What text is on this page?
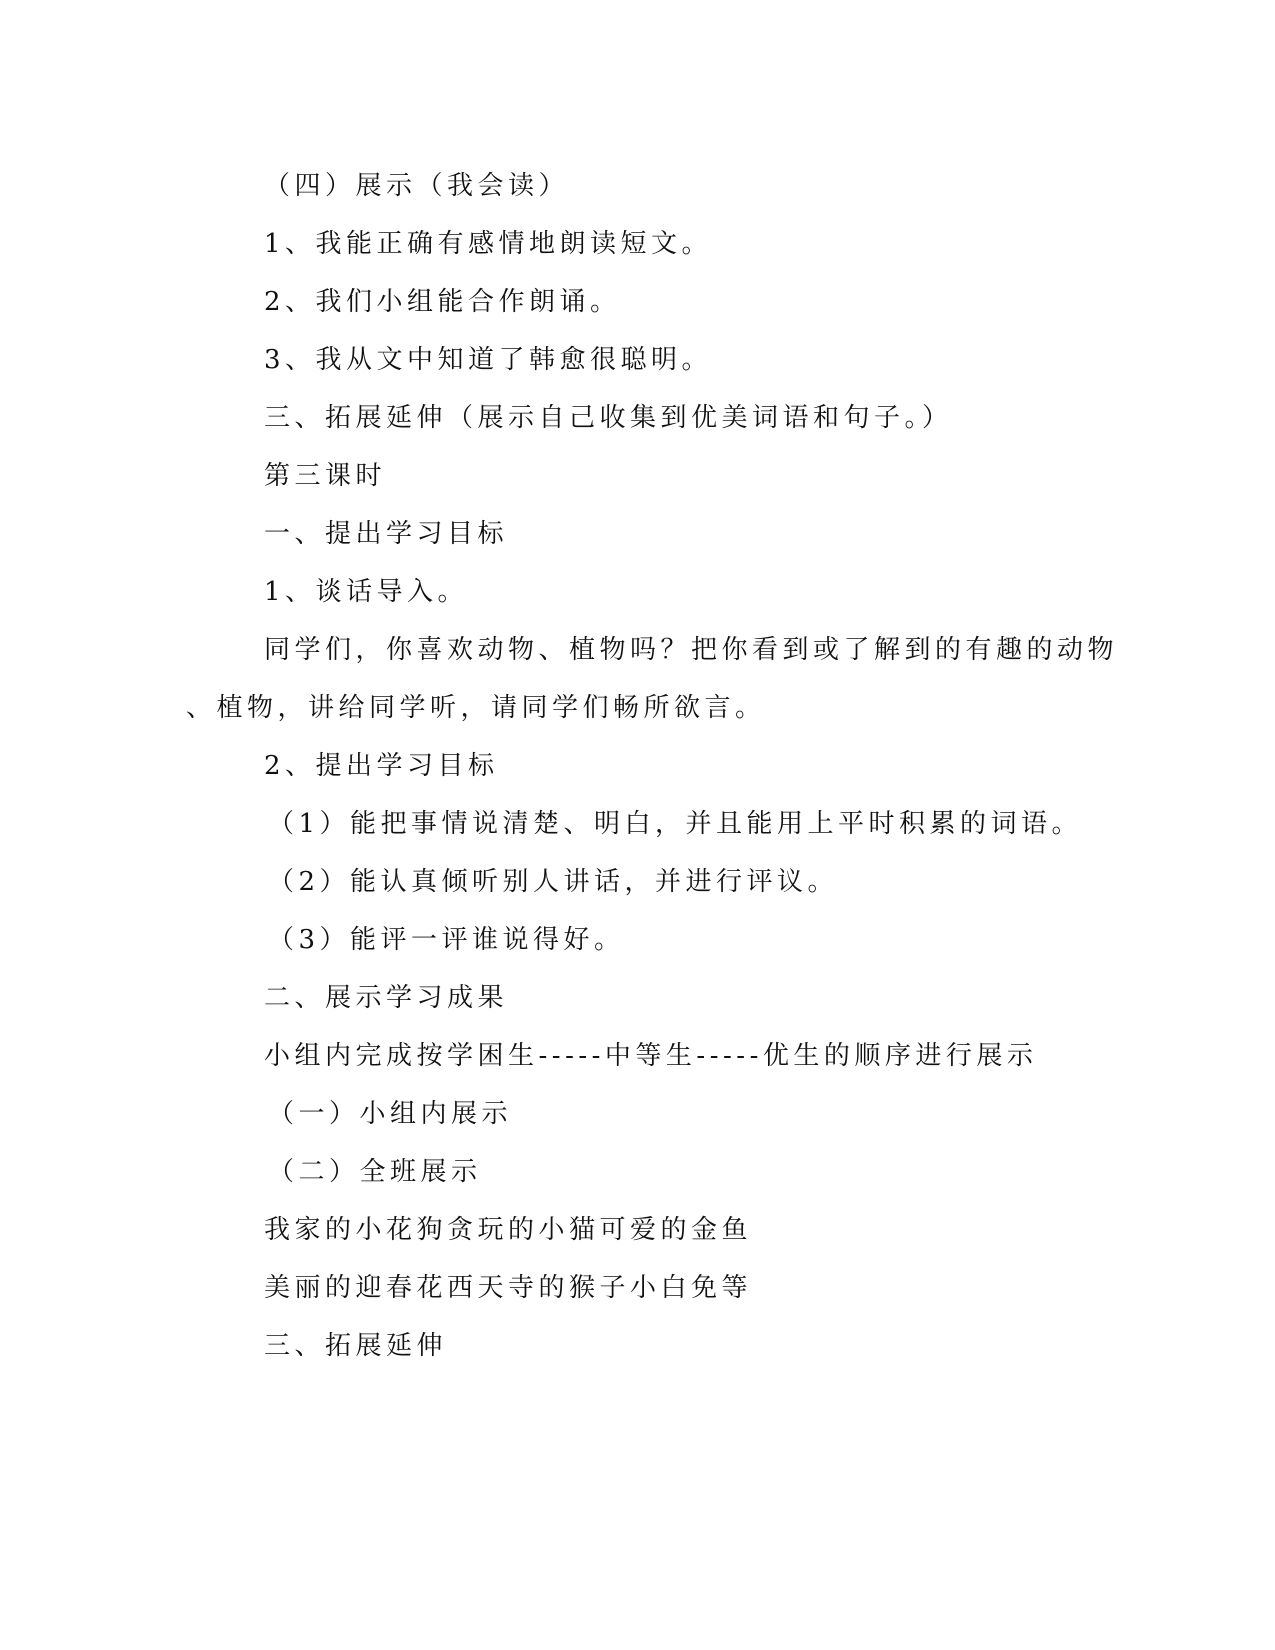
（四）展示（我会读）
1、我能正确有感情地朗读短文。
2、我们小组能合作朗诵。
3、我从文中知道了韩愈很聪明。
三、拓展延伸（展示自己收集到优美词语和句子。）
第三课时
一、提出学习目标
1、谈话导入。
同学们，你喜欢动物、植物吗？把你看到或了解到的有趣的动物
、植物，讲给同学听，请同学们畅所欲言。
2、提出学习目标
（1）能把事情说清楚、明白，并且能用上平时积累的词语。
（2）能认真倾听别人讲话，并进行评议。
（3）能评一评谁说得好。
二、展示学习成果
小组内完成按学困生-----中等生-----优生的顺序进行展示
（一）小组内展示
（二）全班展示
我家的小花狗贪玩的小猫可爱的金鱼
美丽的迎春花西天寺的猴子小白免等
三、拓展延伸
